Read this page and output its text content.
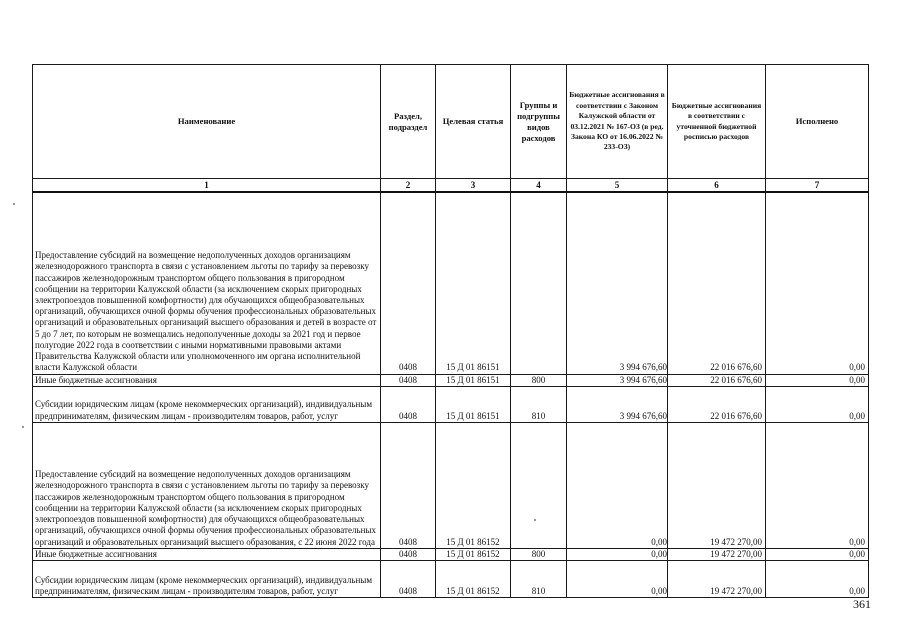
Наименование	Раздел, подраздел	Целевая статья	Группы и подгруппы видов расходов	Бюджетные ассигнования в соответствии с Законом Калужской области от 03.12.2021 № 167-ОЗ (в ред. Закона КО от 16.06.2022 № 233-ОЗ)	Бюджетные ассигнования в соответствии с уточненной бюджетной росписью расходов	Исполнено
1	2	3	4	5	6	7
Предоставление субсидий на возмещение недополученных доходов организациям железнодорожного транспорта в связи с установлением льготы по тарифу за перевозку пассажиров железнодорожным транспортом общего пользования в пригородном сообщении на территории Калужской области (за исключением скорых пригородных электропоездов повышенной комфортности) для обучающихся общеобразовательных организаций, обучающихся очной формы обучения профессиональных образовательных организаций и образовательных организаций высшего образования и детей в возрасте от 5 до 7 лет, по которым не возмещались недополученные доходы за 2021 год и первое полугодие 2022 года в соответствии с иными нормативными правовыми актами Правительства Калужской области или уполномоченного им органа исполнительной власти Калужской области	0408	15 Д 01 86151		3 994 676,60	22 016 676,60	0,00
Иные бюджетные ассигнования	0408	15 Д 01 86151	800	3 994 676,60	22 016 676,60	0,00
Субсидии юридическим лицам (кроме некоммерческих организаций), индивидуальным предпринимателям, физическим лицам - производителям товаров, работ, услуг	0408	15 Д 01 86151	810	3 994 676,60	22 016 676,60	0,00
Предоставление субсидий на возмещение недополученных доходов организациям железнодорожного транспорта в связи с установлением льготы по тарифу за перевозку пассажиров железнодорожным транспортом общего пользования в пригородном сообщении на территории Калужской области (за исключением скорых пригородных электропоездов повышенной комфортности) для обучающихся общеобразовательных организаций, обучающихся очной формы обучения профессиональных образовательных организаций и образовательных организаций высшего образования, с 22 июня 2022 года	0408	15 Д 01 86152		0,00	19 472 270,00	0,00
Иные бюджетные ассигнования	0408	15 Д 01 86152	800	0,00	19 472 270,00	0,00
Субсидии юридическим лицам (кроме некоммерческих организаций), индивидуальным предпринимателям, физическим лицам - производителям товаров, работ, услуг	0408	15 Д 01 86152	810	0,00	19 472 270,00	0,00
361
